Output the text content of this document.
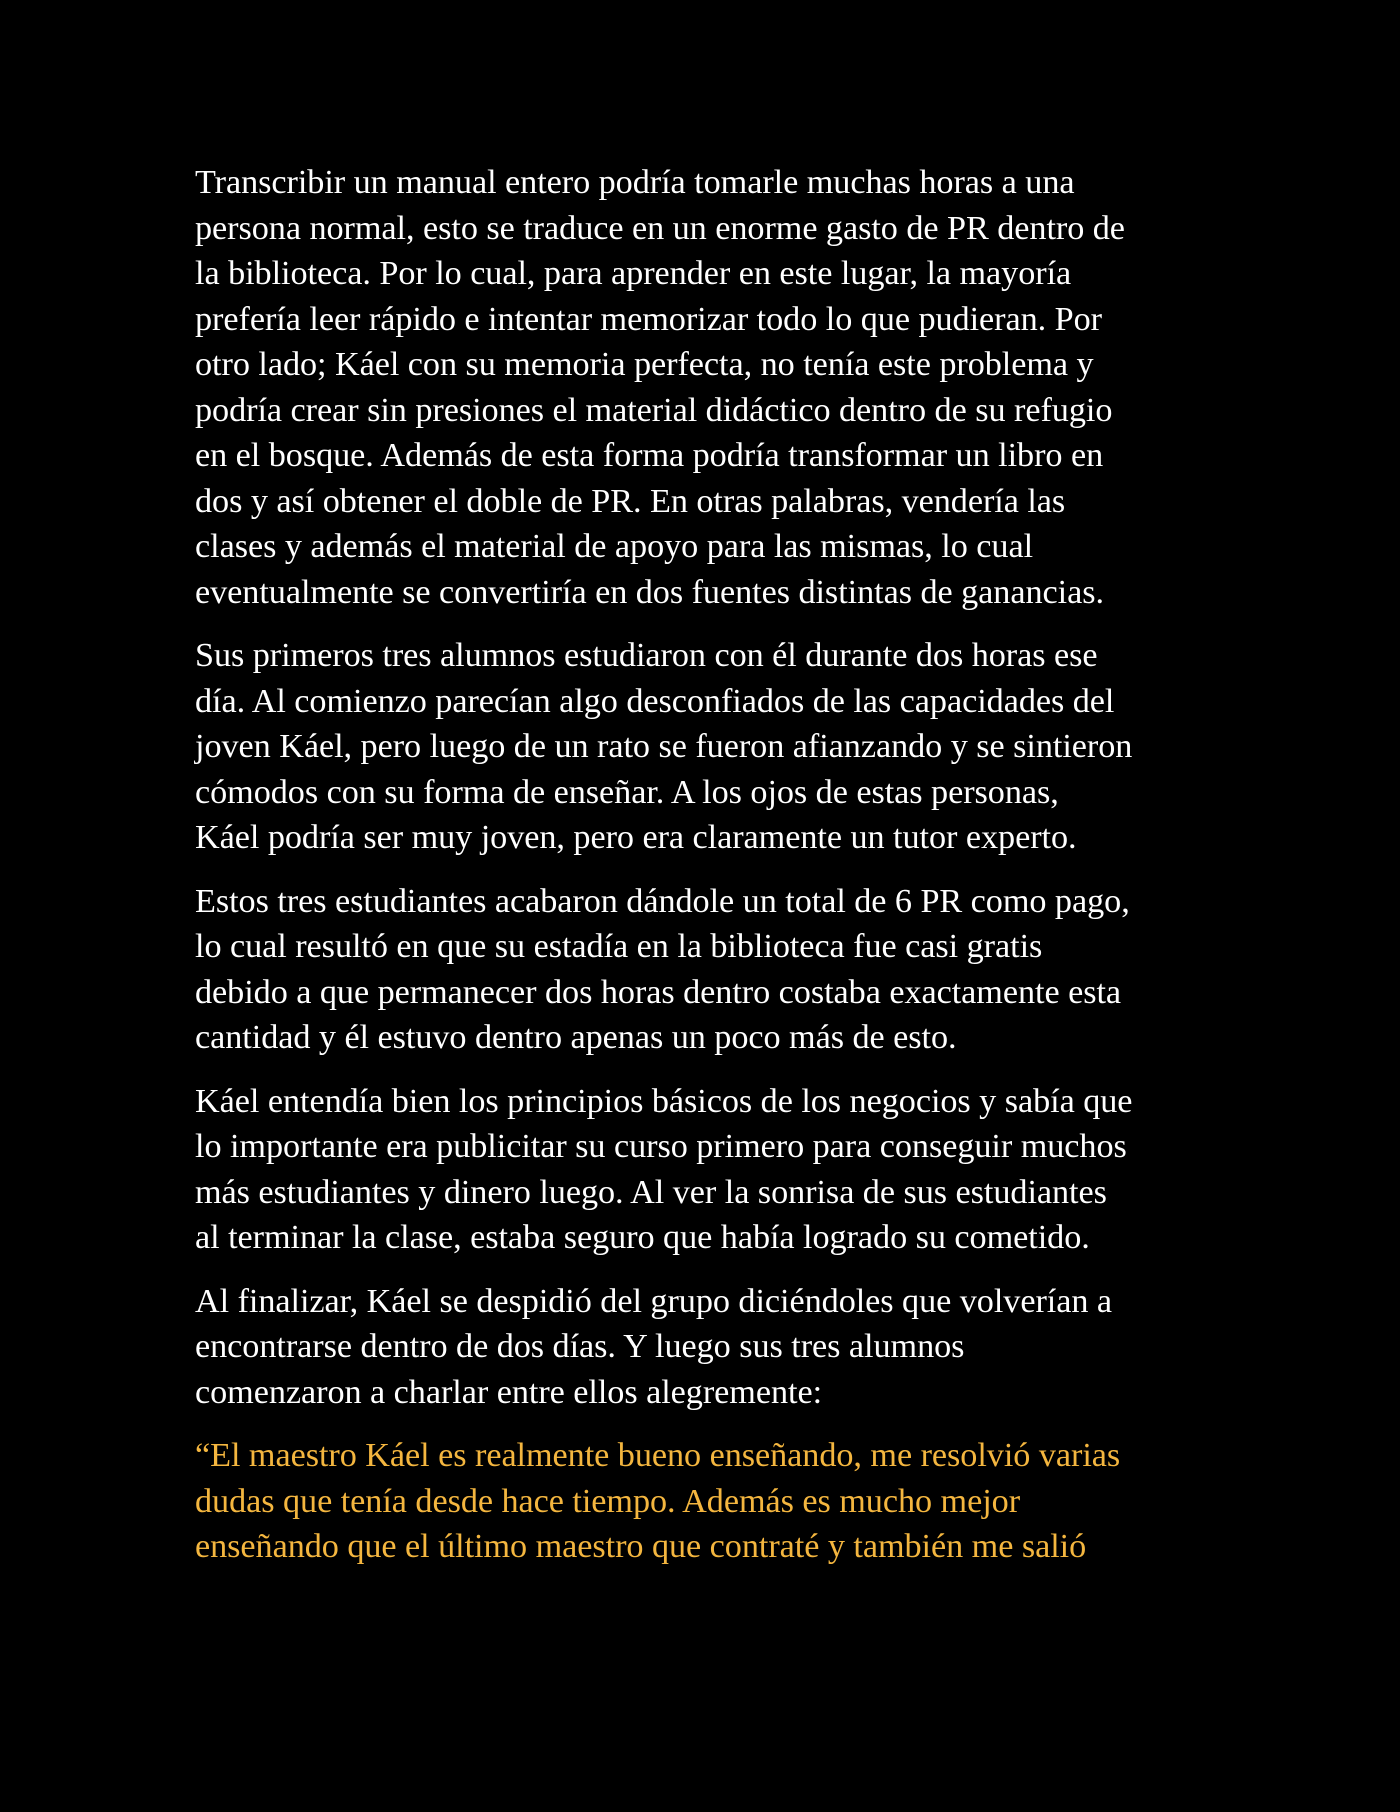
Transcribir un manual entero podría tomarle muchas horas a una
persona normal, esto se traduce en un enorme gasto de PR dentro de
la biblioteca. Por lo cual, para aprender en este lugar, la mayoría
prefería leer rápido e intentar memorizar todo lo que pudieran. Por
otro lado; Káel con su memoria perfecta, no tenía este problema y
podría crear sin presiones el material didáctico dentro de su refugio
en el bosque. Además de esta forma podría transformar un libro en
dos y así obtener el doble de PR. En otras palabras, vendería las
clases y además el material de apoyo para las mismas, lo cual
eventualmente se convertiría en dos fuentes distintas de ganancias.

Sus primeros tres alumnos estudiaron con él durante dos horas ese
día. Al comienzo parecían algo desconfiados de las capacidades del
joven Káel, pero luego de un rato se fueron afianzando y se sintieron
cómodos con su forma de enseñar. A los ojos de estas personas,
Káel podría ser muy joven, pero era claramente un tutor experto.

Estos tres estudiantes acabaron dándole un total de 6 PR como pago,
lo cual resultó en que su estadía en la biblioteca fue casi gratis
debido a que permanecer dos horas dentro costaba exactamente esta
cantidad y él estuvo dentro apenas un poco más de esto.

Káel entendía bien los principios básicos de los negocios y sabía que
lo importante era publicitar su curso primero para conseguir muchos
más estudiantes y dinero luego. Al ver la sonrisa de sus estudiantes
al terminar la clase, estaba seguro que había logrado su cometido.

Al finalizar, Káel se despidió del grupo diciéndoles que volverían a
encontrarse dentro de dos días. Y luego sus tres alumnos
comenzaron a charlar entre ellos alegremente:

“El maestro Káel es realmente bueno enseñando, me resolvió varias
dudas que tenía desde hace tiempo. Además es mucho mejor
enseñando que el último maestro que contraté y también me salió
